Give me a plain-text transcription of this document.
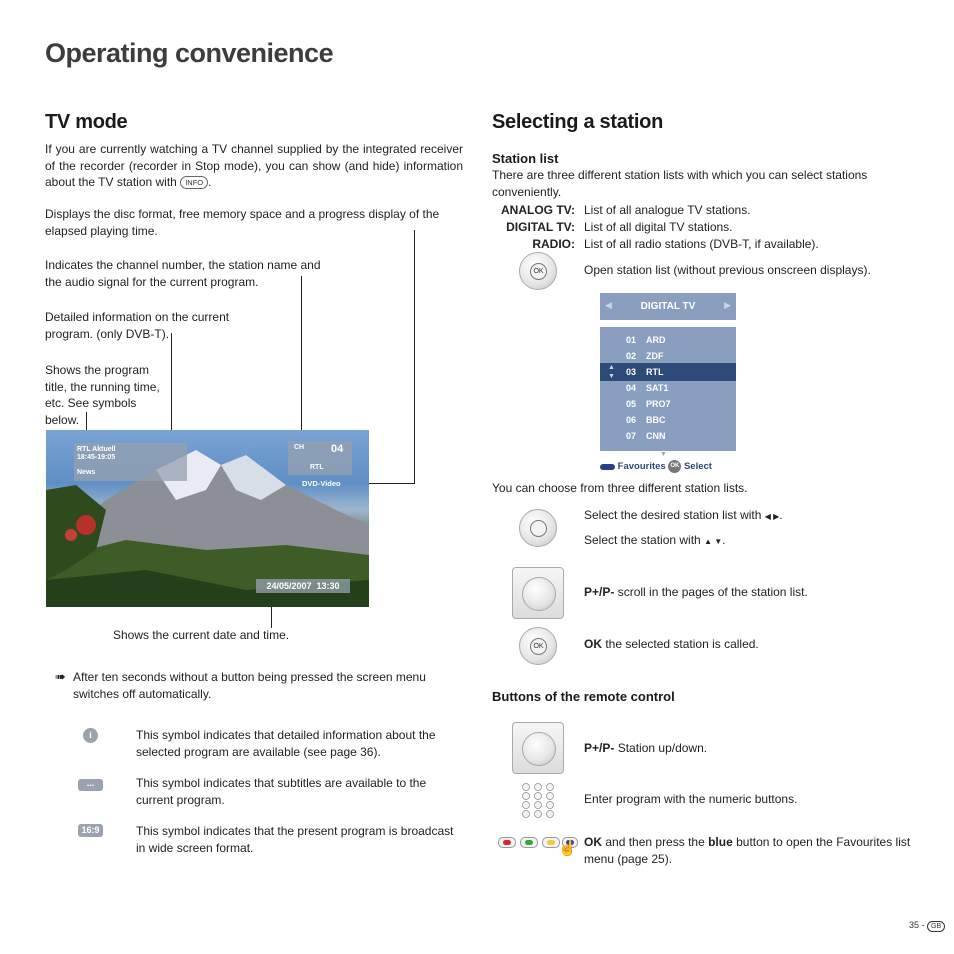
Operating convenience
TV mode
If you are currently watching a TV channel supplied by the integrated receiver of the recorder (recorder in Stop mode), you can show (and hide) information about the TV station with INFO .
Displays the disc format, free memory space and a progress display of the elapsed playing time.
Indicates the channel number, the station name and the audio signal for the current program.
Detailed information on the current program. (only DVB-T).
Shows the program title, the running time, etc. See symbols below.
RTL Aktuell
18:45-19:05
News
CH 04
RTL
DVD-Video
24/05/2007  13:30
Shows the current date and time.
➠ After ten seconds without a button being pressed the screen menu switches off automatically.
i	This symbol indicates that detailed information about the selected program are available (see page 36).
...	This symbol indicates that subtitles are available to the current program.
16:9	This symbol indicates that the present program is broadcast in wide screen format.
Selecting a station
Station list
There are three different station lists with which you can select stations conveniently.
ANALOG TV: List of all analogue TV stations.
DIGITAL TV: List of all digital TV stations.
RADIO: List of all radio stations (DVB-T, if available).
OK	Open station list (without previous onscreen displays).
◀	DIGITAL TV	▶
01 ARD
02 ZDF
▲
▼ 03 RTL
04 SAT1
05 PRO7
06 BBC
07 CNN
▼
Favourites OK Select
You can choose from three different station lists.
Select the desired station list with ◀ ▶.
Select the station with ▲ ▼.
P+/P- scroll in the pages of the station list.
OK	OK the selected station is called.
Buttons of the remote control
P+/P- Station up/down.
Enter program with the numeric buttons.
☝ OK and then press the blue button to open the Favourites list menu (page 25).
35 - GB
